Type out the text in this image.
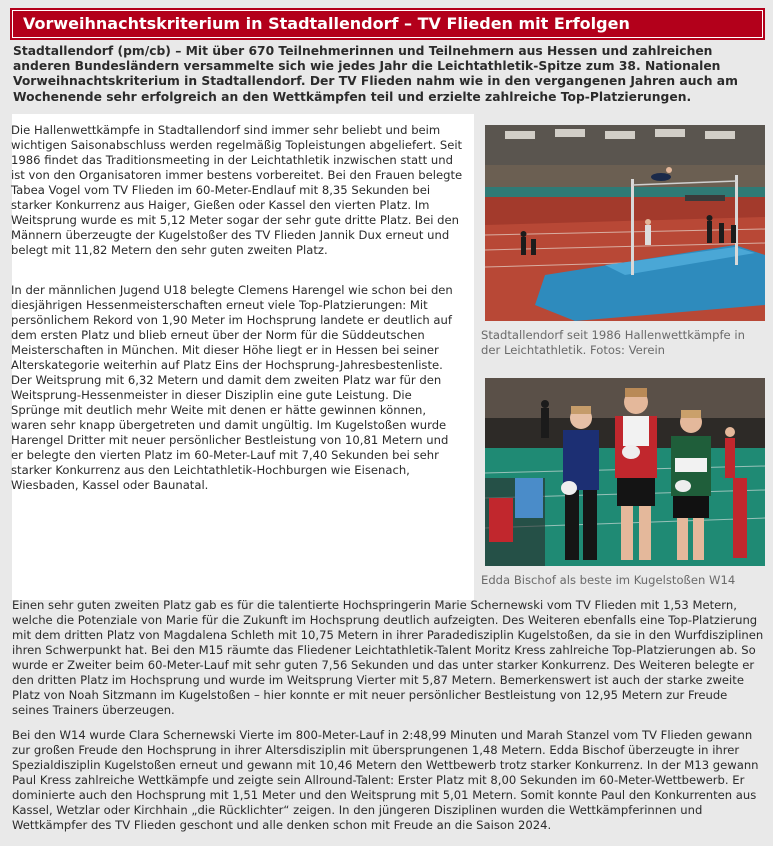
Vorweihnachtskriterium in Stadtallendorf – TV Flieden mit Erfolgen
Stadtallendorf (pm/cb) – Mit über 670 Teilnehmerinnen und Teilnehmern aus Hessen und zahlreichen anderen Bundesländern versammelte sich wie jedes Jahr die Leichtathletik-Spitze zum 38. Nationalen Vorweihnachtskriterium in Stadtallendorf. Der TV Flieden nahm wie in den vergangenen Jahren auch am Wochenende sehr erfolgreich an den Wettkämpfen teil und erzielte zahlreiche Top-Platzierungen.

Die Hallenwettkämpfe in Stadtallendorf sind immer sehr beliebt und beim wichtigen Saisonabschluss werden regelmäßig Topleistungen abgeliefert. Seit 1986 findet das Traditionsmeeting in der Leichtathletik inzwischen statt und ist von den Organisatoren immer bestens vorbereitet. Bei den Frauen belegte Tabea Vogel vom TV Flieden im 60-Meter-Endlauf mit 8,35 Sekunden bei starker Konkurrenz aus Haiger, Gießen oder Kassel den vierten Platz. Im Weitsprung wurde es mit 5,12 Meter sogar der sehr gute dritte Platz. Bei den Männern überzeugte der Kugelstoßer des TV Flieden Jannik Dux erneut und belegt mit 11,82 Metern den sehr guten zweiten Platz.

In der männlichen Jugend U18 belegte Clemens Harengel wie schon bei den diesjährigen Hessenmeisterschaften erneut viele Top-Platzierungen: Mit persönlichem Rekord von 1,90 Meter im Hochsprung landete er deutlich auf dem ersten Platz und blieb erneut über der Norm für die Süddeutschen Meisterschaften in München. Mit dieser Höhe liegt er in Hessen bei seiner Alterskategorie weiterhin auf Platz Eins der Hochsprung-Jahresbestenliste. Der Weitsprung mit 6,32 Metern und damit dem zweiten Platz war für den Weitsprung-Hessenmeister in dieser Disziplin eine gute Leistung. Die Sprünge mit deutlich mehr Weite mit denen er hätte gewinnen können, waren sehr knapp übergetreten und damit ungültig. Im Kugelstoßen wurde Harengel Dritter mit neuer persönlicher Bestleistung von 10,81 Metern und er belegte den vierten Platz im 60-Meter-Lauf mit 7,40 Sekunden bei sehr starker Konkurrenz aus den Leichtathletik-Hochburgen wie Eisenach, Wiesbaden, Kassel oder Baunatal.

Stadtallendorf seit 1986 Hallenwettkämpfe in der Leichtathletik. Fotos: Verein
Edda Bischof als beste im Kugelstoßen W14

Einen sehr guten zweiten Platz gab es für die talentierte Hochspringerin Marie Schernewski vom TV Flieden mit 1,53 Metern, welche die Potenziale von Marie für die Zukunft im Hochsprung deutlich aufzeigten. Des Weiteren ebenfalls eine Top-Platzierung mit dem dritten Platz von Magdalena Schleth mit 10,75 Metern in ihrer Paradedisziplin Kugelstoßen, da sie in den Wurfdisziplinen ihren Schwerpunkt hat. Bei den M15 räumte das Fliedener Leichtathletik-Talent Moritz Kress zahlreiche Top-Platzierungen ab. So wurde er Zweiter beim 60-Meter-Lauf mit sehr guten 7,56 Sekunden und das unter starker Konkurrenz. Des Weiteren belegte er den dritten Platz im Hochsprung und wurde im Weitsprung Vierter mit 5,87 Metern. Bemerkenswert ist auch der starke zweite Platz von Noah Sitzmann im Kugelstoßen – hier konnte er mit neuer persönlicher Bestleistung von 12,95 Metern zur Freude seines Trainers überzeugen.

Bei den W14 wurde Clara Schernewski Vierte im 800-Meter-Lauf in 2:48,99 Minuten und Marah Stanzel vom TV Flieden gewann zur großen Freude den Hochsprung in ihrer Altersdisziplin mit übersprungenen 1,48 Metern. Edda Bischof überzeugte in ihrer Spezialdisziplin Kugelstoßen erneut und gewann mit 10,46 Metern den Wettbewerb trotz starker Konkurrenz. In der M13 gewann Paul Kress zahlreiche Wettkämpfe und zeigte sein Allround-Talent: Erster Platz mit 8,00 Sekunden im 60-Meter-Wettbewerb. Er dominierte auch den Hochsprung mit 1,51 Meter und den Weitsprung mit 5,01 Metern. Somit konnte Paul den Konkurrenten aus Kassel, Wetzlar oder Kirchhain „die Rücklichter“ zeigen. In den jüngeren Disziplinen wurden die Wettkämpferinnen und Wettkämpfer des TV Flieden geschont und alle denken schon mit Freude an die Saison 2024.
